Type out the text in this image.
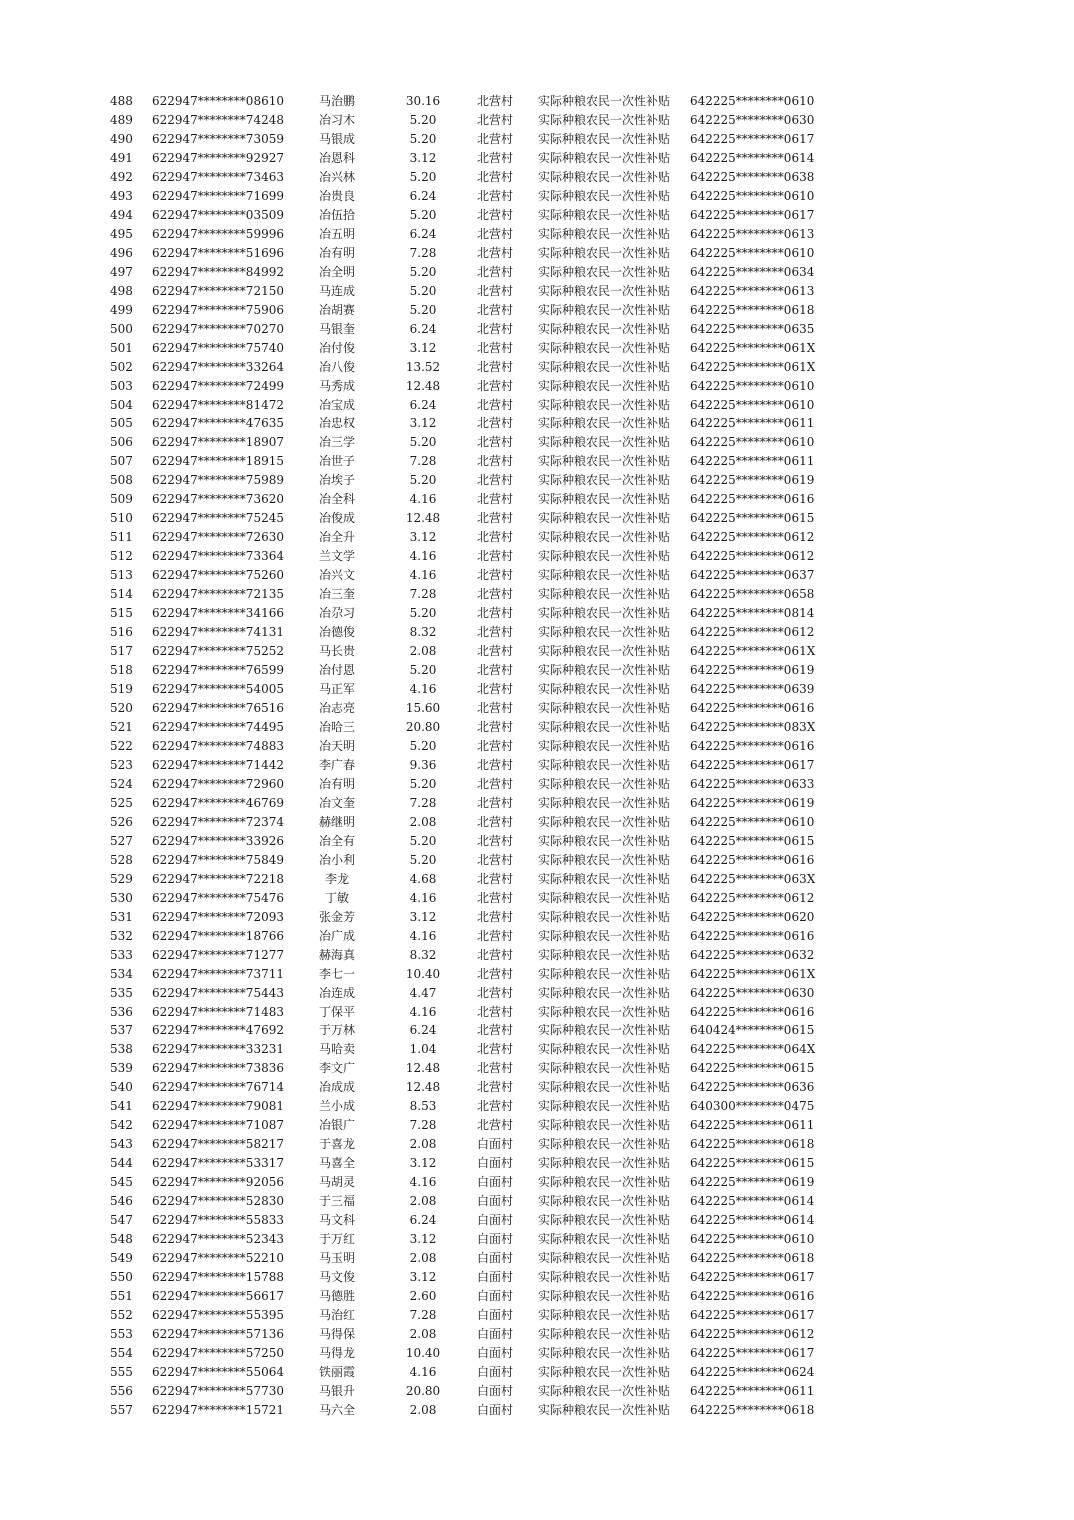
488	622947********08610	马治鹏	30.16	北营村	实际种粮农民一次性补贴	642225********0610
489	622947********74248	冶习木	5.20	北营村	实际种粮农民一次性补贴	642225********0630
490	622947********73059	马银成	5.20	北营村	实际种粮农民一次性补贴	642225********0617
491	622947********92927	冶恩科	3.12	北营村	实际种粮农民一次性补贴	642225********0614
492	622947********73463	冶兴林	5.20	北营村	实际种粮农民一次性补贴	642225********0638
493	622947********71699	冶贵良	6.24	北营村	实际种粮农民一次性补贴	642225********0610
494	622947********03509	冶伍拾	5.20	北营村	实际种粮农民一次性补贴	642225********0617
495	622947********59996	冶五明	6.24	北营村	实际种粮农民一次性补贴	642225********0613
496	622947********51696	冶有明	7.28	北营村	实际种粮农民一次性补贴	642225********0610
497	622947********84992	冶全明	5.20	北营村	实际种粮农民一次性补贴	642225********0634
498	622947********72150	马连成	5.20	北营村	实际种粮农民一次性补贴	642225********0613
499	622947********75906	冶胡赛	5.20	北营村	实际种粮农民一次性补贴	642225********0618
500	622947********70270	马银奎	6.24	北营村	实际种粮农民一次性补贴	642225********0635
501	622947********75740	冶付俊	3.12	北营村	实际种粮农民一次性补贴	642225********061X
502	622947********33264	冶八俊	13.52	北营村	实际种粮农民一次性补贴	642225********061X
503	622947********72499	马秀成	12.48	北营村	实际种粮农民一次性补贴	642225********0610
504	622947********81472	冶宝成	6.24	北营村	实际种粮农民一次性补贴	642225********0610
505	622947********47635	冶忠权	3.12	北营村	实际种粮农民一次性补贴	642225********0611
506	622947********18907	冶三学	5.20	北营村	实际种粮农民一次性补贴	642225********0610
507	622947********18915	冶世子	7.28	北营村	实际种粮农民一次性补贴	642225********0611
508	622947********75989	冶埃子	5.20	北营村	实际种粮农民一次性补贴	642225********0619
509	622947********73620	冶全科	4.16	北营村	实际种粮农民一次性补贴	642225********0616
510	622947********75245	冶俊成	12.48	北营村	实际种粮农民一次性补贴	642225********0615
511	622947********72630	冶全升	3.12	北营村	实际种粮农民一次性补贴	642225********0612
512	622947********73364	兰文学	4.16	北营村	实际种粮农民一次性补贴	642225********0612
513	622947********75260	冶兴文	4.16	北营村	实际种粮农民一次性补贴	642225********0637
514	622947********72135	冶三奎	7.28	北营村	实际种粮农民一次性补贴	642225********0658
515	622947********34166	冶尕习	5.20	北营村	实际种粮农民一次性补贴	642225********0814
516	622947********74131	冶德俊	8.32	北营村	实际种粮农民一次性补贴	642225********0612
517	622947********75252	马长贵	2.08	北营村	实际种粮农民一次性补贴	642225********061X
518	622947********76599	冶付恩	5.20	北营村	实际种粮农民一次性补贴	642225********0619
519	622947********54005	马正军	4.16	北营村	实际种粮农民一次性补贴	642225********0639
520	622947********76516	冶志亮	15.60	北营村	实际种粮农民一次性补贴	642225********0616
521	622947********74495	冶哈三	20.80	北营村	实际种粮农民一次性补贴	642225********083X
522	622947********74883	冶天明	5.20	北营村	实际种粮农民一次性补贴	642225********0616
523	622947********71442	李广春	9.36	北营村	实际种粮农民一次性补贴	642225********0617
524	622947********72960	冶有明	5.20	北营村	实际种粮农民一次性补贴	642225********0633
525	622947********46769	冶文奎	7.28	北营村	实际种粮农民一次性补贴	642225********0619
526	622947********72374	赫继明	2.08	北营村	实际种粮农民一次性补贴	642225********0610
527	622947********33926	冶全有	5.20	北营村	实际种粮农民一次性补贴	642225********0615
528	622947********75849	冶小利	5.20	北营村	实际种粮农民一次性补贴	642225********0616
529	622947********72218	李龙	4.68	北营村	实际种粮农民一次性补贴	642225********063X
530	622947********75476	丁敏	4.16	北营村	实际种粮农民一次性补贴	642225********0612
531	622947********72093	张金芳	3.12	北营村	实际种粮农民一次性补贴	642225********0620
532	622947********18766	冶广成	4.16	北营村	实际种粮农民一次性补贴	642225********0616
533	622947********71277	赫海真	8.32	北营村	实际种粮农民一次性补贴	642225********0632
534	622947********73711	李七一	10.40	北营村	实际种粮农民一次性补贴	642225********061X
535	622947********75443	冶连成	4.47	北营村	实际种粮农民一次性补贴	642225********0630
536	622947********71483	丁保平	4.16	北营村	实际种粮农民一次性补贴	642225********0616
537	622947********47692	于万林	6.24	北营村	实际种粮农民一次性补贴	640424********0615
538	622947********33231	马哈卖	1.04	北营村	实际种粮农民一次性补贴	642225********064X
539	622947********73836	李文广	12.48	北营村	实际种粮农民一次性补贴	642225********0615
540	622947********76714	冶成成	12.48	北营村	实际种粮农民一次性补贴	642225********0636
541	622947********79081	兰小成	8.53	北营村	实际种粮农民一次性补贴	640300********0475
542	622947********71087	冶银广	7.28	北营村	实际种粮农民一次性补贴	642225********0611
543	622947********58217	于喜龙	2.08	白面村	实际种粮农民一次性补贴	642225********0618
544	622947********53317	马喜全	3.12	白面村	实际种粮农民一次性补贴	642225********0615
545	622947********92056	马胡灵	4.16	白面村	实际种粮农民一次性补贴	642225********0619
546	622947********52830	于三福	2.08	白面村	实际种粮农民一次性补贴	642225********0614
547	622947********55833	马文科	6.24	白面村	实际种粮农民一次性补贴	642225********0614
548	622947********52343	于万红	3.12	白面村	实际种粮农民一次性补贴	642225********0610
549	622947********52210	马玉明	2.08	白面村	实际种粮农民一次性补贴	642225********0618
550	622947********15788	马文俊	3.12	白面村	实际种粮农民一次性补贴	642225********0617
551	622947********56617	马德胜	2.60	白面村	实际种粮农民一次性补贴	642225********0616
552	622947********55395	马治红	7.28	白面村	实际种粮农民一次性补贴	642225********0617
553	622947********57136	马得保	2.08	白面村	实际种粮农民一次性补贴	642225********0612
554	622947********57250	马得龙	10.40	白面村	实际种粮农民一次性补贴	642225********0617
555	622947********55064	铁丽霞	4.16	白面村	实际种粮农民一次性补贴	642225********0624
556	622947********57730	马银升	20.80	白面村	实际种粮农民一次性补贴	642225********0611
557	622947********15721	马六全	2.08	白面村	实际种粮农民一次性补贴	642225********0618
